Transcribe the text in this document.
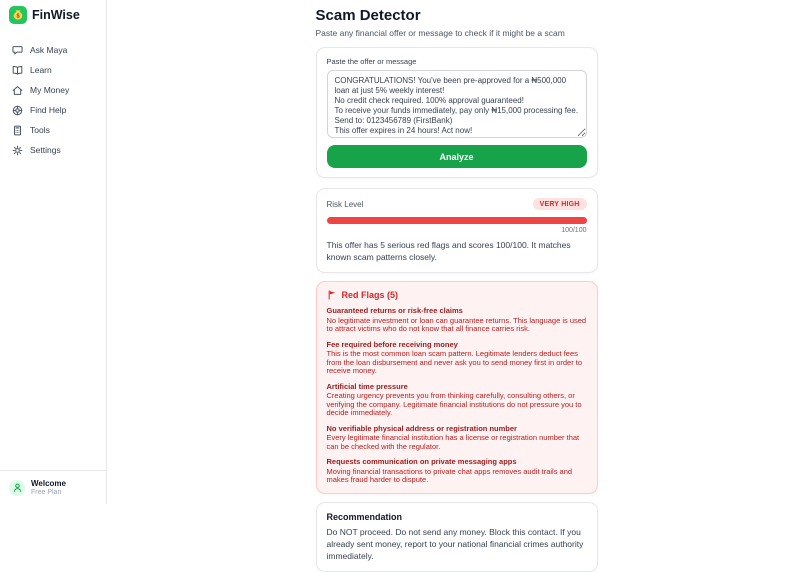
$ FinWise
Ask Maya
Learn
My Money
Find Help
Tools
Settings
Welcome
Free Plan
Scam Detector

Paste any financial offer or message to check if it might be a scam

Paste the offer or message
CONGRATULATIONS! You've been pre-approved for a ₦500,000 loan at just 5% weekly interest! No credit check required. 100% approval guaranteed! To receive your funds immediately, pay only ₦15,000 processing fee. Send to: 0123456789 (FirstBank) This offer expires in 24 hours! Act now! WhatsApp: +234 801 234 5678 Analyze
Risk Level	VERY HIGH
100/100

This offer has 5 serious red flags and scores 100/100. It matches known scam patterns closely.

Red Flags (5)
Guaranteed returns or risk-free claims
No legitimate investment or loan can guarantee returns. This language is used to attract victims who do not know that all finance carries risk.
Fee required before receiving money
This is the most common loan scam pattern. Legitimate lenders deduct fees from the loan disbursement and never ask you to send money first in order to receive money.
Artificial time pressure
Creating urgency prevents you from thinking carefully, consulting others, or verifying the company. Legitimate financial institutions do not pressure you to decide immediately.
No verifiable physical address or registration number
Every legitimate financial institution has a license or registration number that can be checked with the regulator.
Requests communication on private messaging apps
Moving financial transactions to private chat apps removes audit trails and makes fraud harder to dispute.
Recommendation

Do NOT proceed. Do not send any money. Block this contact. If you already sent money, report to your national financial crimes authority immediately.
